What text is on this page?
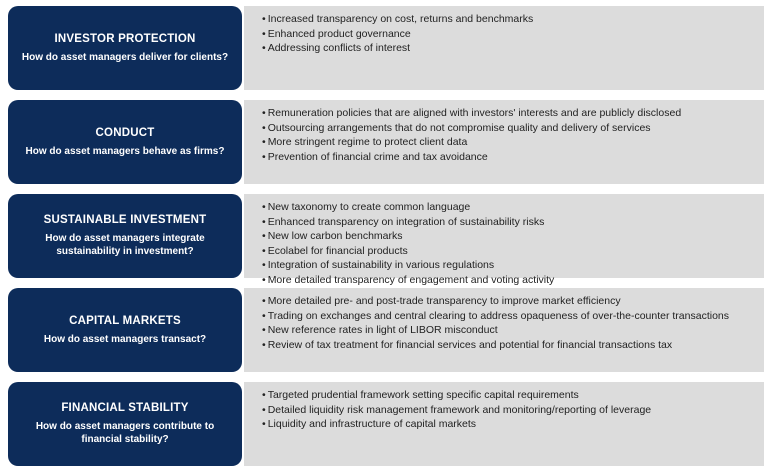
INVESTOR PROTECTION
How do asset managers deliver for clients?
• Increased transparency on cost, returns and benchmarks
• Enhanced product governance
• Addressing conflicts of interest
CONDUCT
How do asset managers behave as firms?
• Remuneration policies that are aligned with investors' interests and are publicly disclosed
• Outsourcing arrangements that do not compromise quality and delivery of services
• More stringent regime to protect client data
• Prevention of financial crime and tax avoidance
SUSTAINABLE INVESTMENT
How do asset managers integrate sustainability in investment?
• New taxonomy to create common language
• Enhanced transparency on integration of sustainability risks
• New low carbon benchmarks
• Ecolabel for financial products
• Integration of sustainability in various regulations
• More detailed transparency of engagement and voting activity
CAPITAL MARKETS
How do asset managers transact?
• More detailed pre- and post-trade transparency to improve market efficiency
• Trading on exchanges and central clearing to address opaqueness of over-the-counter transactions
• New reference rates in light of LIBOR misconduct
• Review of tax treatment for financial services and potential for financial transactions tax
FINANCIAL STABILITY
How do asset managers contribute to financial stability?
• Targeted prudential framework setting specific capital requirements
• Detailed liquidity risk management framework and monitoring/reporting of leverage
• Liquidity and infrastructure of capital markets
